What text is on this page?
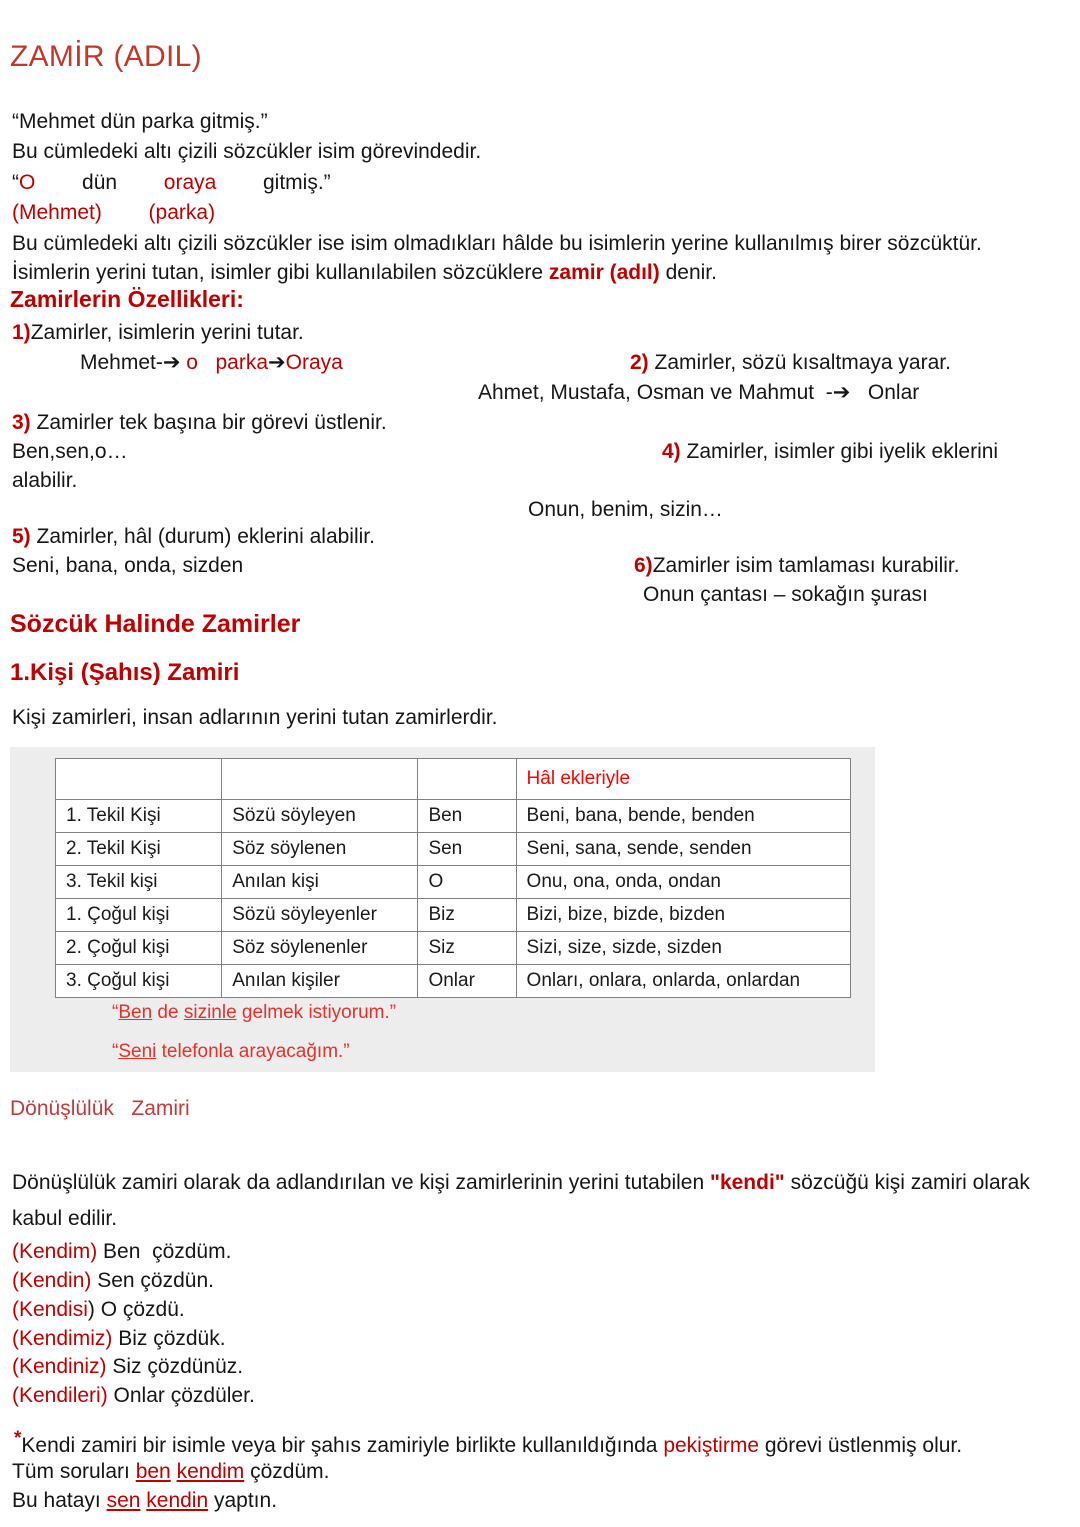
ZAMİR (ADIL)
“Mehmet dün parka gitmiş.”
Bu cümledeki altı çizili sözcükler isim görevindedir.
“O dün oraya gitmiş.”
(Mehmet) (parka)
Bu cümledeki altı çizili sözcükler ise isim olmadıkları hâlde bu isimlerin yerine kullanılmış birer sözcüktür.
İsimlerin yerini tutan, isimler gibi kullanılabilen sözcüklere zamir (adıl) denir.
Zamirlerin Özellikleri:
1)Zamirler, isimlerin yerini tutar.
Mehmet-➔ o   parka➔Oraya	2) Zamirler, sözü kısaltmaya yarar.
Ahmet, Mustafa, Osman ve Mahmut  -➔   Onlar
3) Zamirler tek başına bir görevi üstlenir.
Ben,sen,o…
alabilir.
4) Zamirler, isimler gibi iyelik eklerini
Onun, benim, sizin…
5) Zamirler, hâl (durum) eklerini alabilir.
Seni, bana, onda, sizden	6)Zamirler isim tamlaması kurabilir.
Onun çantası – sokağın şurası
Sözcük Halinde Zamirler
1.Kişi (Şahıs) Zamiri
Kişi zamirleri, insan adlarının yerini tutan zamirlerdir.
			Hâl ekleriyle
1. Tekil Kişi	Sözü söyleyen	Ben	Beni, bana, bende, benden
2. Tekil Kişi	Söz söylenen	Sen	Seni, sana, sende, senden
3. Tekil kişi	Anılan kişi	O	Onu, ona, onda, ondan
1. Çoğul kişi	Sözü söyleyenler	Biz	Bizi, bize, bizde, bizden
2. Çoğul kişi	Söz söylenenler	Siz	Sizi, size, sizde, sizden
3. Çoğul kişi	Anılan kişiler	Onlar	Onları, onlara, onlarda, onlardan
“Ben de sizinle gelmek istiyorum.”
“Seni telefonla arayacağım.”
Dönüşlülük   Zamiri
Dönüşlülük zamiri olarak da adlandırılan ve kişi zamirlerinin yerini tutabilen "kendi" sözcüğü kişi zamiri olarak
kabul edilir.
(Kendim) Ben  çözdüm.
(Kendin) Sen çözdün.
(Kendisi) O çözdü.
(Kendimiz) Biz çözdük.
(Kendiniz) Siz çözdünüz.
(Kendileri) Onlar çözdüler.
*Kendi zamiri bir isimle veya bir şahıs zamiriyle birlikte kullanıldığında pekiştirme görevi üstlenmiş olur.
Tüm soruları ben kendim çözdüm.
Bu hatayı sen kendin yaptın.
